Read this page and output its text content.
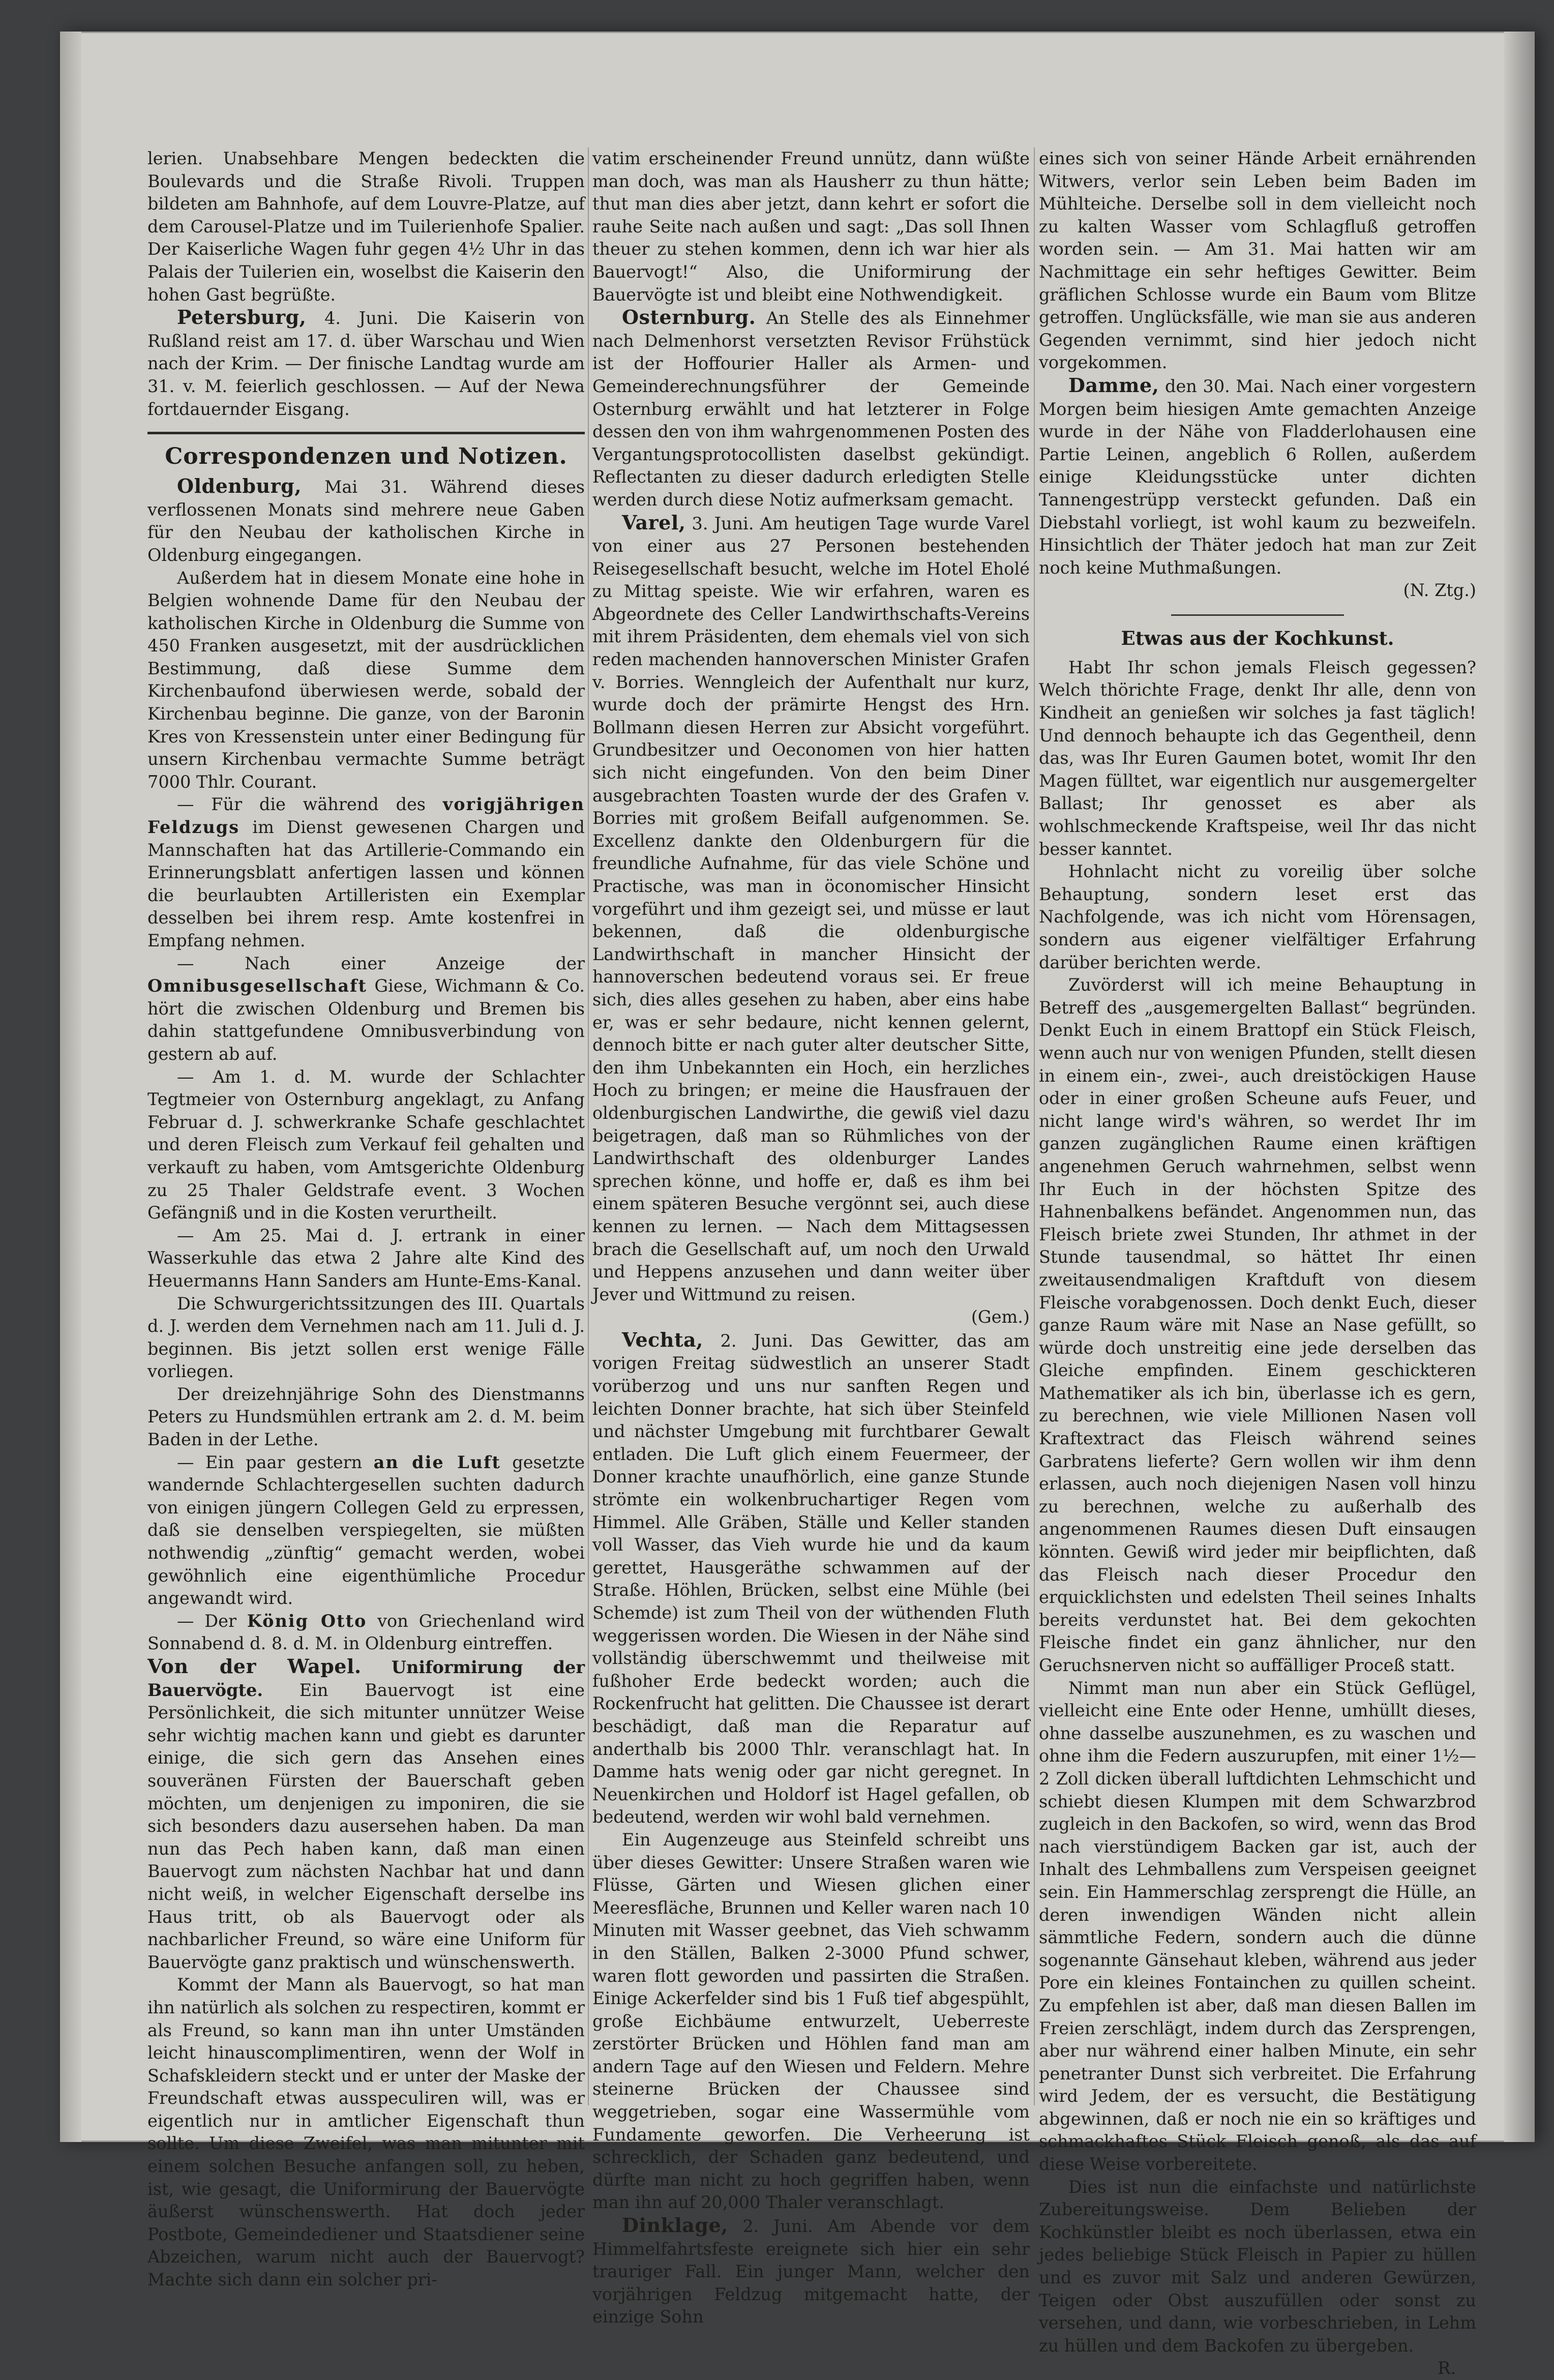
lerien. Unabsehbare Mengen bedeckten die Boulevards und die Straße Rivoli. Truppen bildeten am Bahnhofe, auf dem Louvre-Platze, auf dem Carousel-Platze und im Tuilerienhofe Spalier. Der Kaiserliche Wagen fuhr gegen 4½ Uhr in das Palais der Tuilerien ein, woselbst die Kaiserin den hohen Gast begrüßte.

Petersburg, 4. Juni. Die Kaiserin von Rußland reist am 17. d. über Warschau und Wien nach der Krim. — Der finische Landtag wurde am 31. v. M. feierlich geschlossen. — Auf der Newa fortdauernder Eisgang.

Correspondenzen und Notizen.

Oldenburg, Mai 31. Während dieses verflossenen Monats sind mehrere neue Gaben für den Neubau der katholischen Kirche in Oldenburg eingegangen.

Außerdem hat in diesem Monate eine hohe in Belgien wohnende Dame für den Neubau der katholischen Kirche in Oldenburg die Summe von 450 Franken ausgesetzt, mit der ausdrücklichen Bestimmung, daß diese Summe dem Kirchenbaufond überwiesen werde, sobald der Kirchenbau beginne. Die ganze, von der Baronin Kres von Kressenstein unter einer Bedingung für unsern Kirchenbau vermachte Summe beträgt 7000 Thlr. Courant.

— Für die während des vorigjährigen Feldzugs im Dienst gewesenen Chargen und Mannschaften hat das Artillerie-Commando ein Erinnerungsblatt anfertigen lassen und können die beurlaubten Artilleristen ein Exemplar desselben bei ihrem resp. Amte kostenfrei in Empfang nehmen.

— Nach einer Anzeige der Omnibusgesellschaft Giese, Wichmann & Co. hört die zwischen Oldenburg und Bremen bis dahin stattgefundene Omnibusverbindung von gestern ab auf.

— Am 1. d. M. wurde der Schlachter Tegtmeier von Osternburg angeklagt, zu Anfang Februar d. J. schwerkranke Schafe geschlachtet und deren Fleisch zum Verkauf feil gehalten und verkauft zu haben, vom Amtsgerichte Oldenburg zu 25 Thaler Geldstrafe event. 3 Wochen Gefängniß und in die Kosten verurtheilt.

— Am 25. Mai d. J. ertrank in einer Wasserkuhle das etwa 2 Jahre alte Kind des Heuermanns Hann Sanders am Hunte-Ems-Kanal.

Die Schwurgerichtssitzungen des III. Quartals d. J. werden dem Vernehmen nach am 11. Juli d. J. beginnen. Bis jetzt sollen erst wenige Fälle vorliegen.

Der dreizehnjährige Sohn des Dienstmanns Peters zu Hundsmühlen ertrank am 2. d. M. beim Baden in der Lethe.

— Ein paar gestern an die Luft gesetzte wandernde Schlachtergesellen suchten dadurch von einigen jüngern Collegen Geld zu erpressen, daß sie denselben verspiegelten, sie müßten nothwendig „zünftig“ gemacht werden, wobei gewöhnlich eine eigenthümliche Procedur angewandt wird.

— Der König Otto von Griechenland wird Sonnabend d. 8. d. M. in Oldenburg eintreffen.

Von der Wapel. Uniformirung der Bauervögte. Ein Bauervogt ist eine Persönlichkeit, die sich mitunter unnützer Weise sehr wichtig machen kann und giebt es darunter einige, die sich gern das Ansehen eines souveränen Fürsten der Bauerschaft geben möchten, um denjenigen zu imponiren, die sie sich besonders dazu ausersehen haben. Da man nun das Pech haben kann, daß man einen Bauervogt zum nächsten Nachbar hat und dann nicht weiß, in welcher Eigenschaft derselbe ins Haus tritt, ob als Bauervogt oder als nachbarlicher Freund, so wäre eine Uniform für Bauervögte ganz praktisch und wünschenswerth.

Kommt der Mann als Bauervogt, so hat man ihn natürlich als solchen zu respectiren, kommt er als Freund, so kann man ihn unter Umständen leicht hinauscomplimentiren, wenn der Wolf in Schafskleidern steckt und er unter der Maske der Freundschaft etwas ausspeculiren will, was er eigentlich nur in amtlicher Eigenschaft thun sollte. Um diese Zweifel, was man mitunter mit einem solchen Besuche anfangen soll, zu heben, ist, wie gesagt, die Uniformirung der Bauervögte äußerst wünschenswerth. Hat doch jeder Postbote, Gemeindediener und Staatsdiener seine Abzeichen, warum nicht auch der Bauervogt? Machte sich dann ein solcher pri-

vatim erscheinender Freund unnütz, dann wüßte man doch, was man als Hausherr zu thun hätte; thut man dies aber jetzt, dann kehrt er sofort die rauhe Seite nach außen und sagt: „Das soll Ihnen theuer zu stehen kommen, denn ich war hier als Bauervogt!“ Also, die Uniformirung der Bauervögte ist und bleibt eine Nothwendigkeit.

Osternburg. An Stelle des als Einnehmer nach Delmenhorst versetzten Revisor Frühstück ist der Hoffourier Haller als Armen- und Gemeinderechnungsführer der Gemeinde Osternburg erwählt und hat letzterer in Folge dessen den von ihm wahrgenommenen Posten des Vergantungsprotocollisten daselbst gekündigt. Reflectanten zu dieser dadurch erledigten Stelle werden durch diese Notiz aufmerksam gemacht.

Varel, 3. Juni. Am heutigen Tage wurde Varel von einer aus 27 Personen bestehenden Reisegesellschaft besucht, welche im Hotel Eholé zu Mittag speiste. Wie wir erfahren, waren es Abgeordnete des Celler Landwirthschafts-Vereins mit ihrem Präsidenten, dem ehemals viel von sich reden machenden hannoverschen Minister Grafen v. Borries. Wenngleich der Aufenthalt nur kurz, wurde doch der prämirte Hengst des Hrn. Bollmann diesen Herren zur Absicht vorgeführt. Grundbesitzer und Oeconomen von hier hatten sich nicht eingefunden. Von den beim Diner ausgebrachten Toasten wurde der des Grafen v. Borries mit großem Beifall aufgenommen. Se. Excellenz dankte den Oldenburgern für die freundliche Aufnahme, für das viele Schöne und Practische, was man in öconomischer Hinsicht vorgeführt und ihm gezeigt sei, und müsse er laut bekennen, daß die oldenburgische Landwirthschaft in mancher Hinsicht der hannoverschen bedeutend voraus sei. Er freue sich, dies alles gesehen zu haben, aber eins habe er, was er sehr bedaure, nicht kennen gelernt, dennoch bitte er nach guter alter deutscher Sitte, den ihm Unbekannten ein Hoch, ein herzliches Hoch zu bringen; er meine die Hausfrauen der oldenburgischen Landwirthe, die gewiß viel dazu beigetragen, daß man so Rühmliches von der Landwirthschaft des oldenburger Landes sprechen könne, und hoffe er, daß es ihm bei einem späteren Besuche vergönnt sei, auch diese kennen zu lernen. — Nach dem Mittagsessen brach die Gesellschaft auf, um noch den Urwald und Heppens anzusehen und dann weiter über Jever und Wittmund zu reisen.

(Gem.)

Vechta, 2. Juni. Das Gewitter, das am vorigen Freitag südwestlich an unserer Stadt vorüberzog und uns nur sanften Regen und leichten Donner brachte, hat sich über Steinfeld und nächster Umgebung mit furchtbarer Gewalt entladen. Die Luft glich einem Feuermeer, der Donner krachte unaufhörlich, eine ganze Stunde strömte ein wolkenbruchartiger Regen vom Himmel. Alle Gräben, Ställe und Keller standen voll Wasser, das Vieh wurde hie und da kaum gerettet, Hausgeräthe schwammen auf der Straße. Höhlen, Brücken, selbst eine Mühle (bei Schemde) ist zum Theil von der wüthenden Fluth weggerissen worden. Die Wiesen in der Nähe sind vollständig überschwemmt und theilweise mit fußhoher Erde bedeckt worden; auch die Rockenfrucht hat gelitten. Die Chaussee ist derart beschädigt, daß man die Reparatur auf anderthalb bis 2000 Thlr. veranschlagt hat. In Damme hats wenig oder gar nicht geregnet. In Neuenkirchen und Holdorf ist Hagel gefallen, ob bedeutend, werden wir wohl bald vernehmen.

Ein Augenzeuge aus Steinfeld schreibt uns über dieses Gewitter: Unsere Straßen waren wie Flüsse, Gärten und Wiesen glichen einer Meeresfläche, Brunnen und Keller waren nach 10 Minuten mit Wasser geebnet, das Vieh schwamm in den Ställen, Balken 2-3000 Pfund schwer, waren flott geworden und passirten die Straßen. Einige Ackerfelder sind bis 1 Fuß tief abgespühlt, große Eichbäume entwurzelt, Ueberreste zerstörter Brücken und Höhlen fand man am andern Tage auf den Wiesen und Feldern. Mehre steinerne Brücken der Chaussee sind weggetrieben, sogar eine Wassermühle vom Fundamente geworfen. Die Verheerung ist schrecklich, der Schaden ganz bedeutend, und dürfte man nicht zu hoch gegriffen haben, wenn man ihn auf 20,000 Thaler veranschlagt.

Dinklage, 2. Juni. Am Abende vor dem Himmelfahrtsfeste ereignete sich hier ein sehr trauriger Fall. Ein junger Mann, welcher den vorjährigen Feldzug mitgemacht hatte, der einzige Sohn

eines sich von seiner Hände Arbeit ernährenden Witwers, verlor sein Leben beim Baden im Mühlteiche. Derselbe soll in dem vielleicht noch zu kalten Wasser vom Schlagfluß getroffen worden sein. — Am 31. Mai hatten wir am Nachmittage ein sehr heftiges Gewitter. Beim gräflichen Schlosse wurde ein Baum vom Blitze getroffen. Unglücksfälle, wie man sie aus anderen Gegenden vernimmt, sind hier jedoch nicht vorgekommen.

Damme, den 30. Mai. Nach einer vorgestern Morgen beim hiesigen Amte gemachten Anzeige wurde in der Nähe von Fladderlohausen eine Partie Leinen, angeblich 6 Rollen, außerdem einige Kleidungsstücke unter dichten Tannengestrüpp versteckt gefunden. Daß ein Diebstahl vorliegt, ist wohl kaum zu bezweifeln. Hinsichtlich der Thäter jedoch hat man zur Zeit noch keine Muthmaßungen.

(N. Ztg.)

Etwas aus der Kochkunst.

Habt Ihr schon jemals Fleisch gegessen? Welch thörichte Frage, denkt Ihr alle, denn von Kindheit an genießen wir solches ja fast täglich! Und dennoch behaupte ich das Gegentheil, denn das, was Ihr Euren Gaumen botet, womit Ihr den Magen fülltet, war eigentlich nur ausgemergelter Ballast; Ihr genosset es aber als wohlschmeckende Kraftspeise, weil Ihr das nicht besser kanntet.

Hohnlacht nicht zu voreilig über solche Behauptung, sondern leset erst das Nachfolgende, was ich nicht vom Hörensagen, sondern aus eigener vielfältiger Erfahrung darüber berichten werde.

Zuvörderst will ich meine Behauptung in Betreff des „ausgemergelten Ballast“ begründen. Denkt Euch in einem Brattopf ein Stück Fleisch, wenn auch nur von wenigen Pfunden, stellt diesen in einem ein-, zwei-, auch dreistöckigen Hause oder in einer großen Scheune aufs Feuer, und nicht lange wird's währen, so werdet Ihr im ganzen zugänglichen Raume einen kräftigen angenehmen Geruch wahrnehmen, selbst wenn Ihr Euch in der höchsten Spitze des Hahnenbalkens befändet. Angenommen nun, das Fleisch briete zwei Stunden, Ihr athmet in der Stunde tausendmal, so hättet Ihr einen zweitausendmaligen Kraftduft von diesem Fleische vorabgenossen. Doch denkt Euch, dieser ganze Raum wäre mit Nase an Nase gefüllt, so würde doch unstreitig eine jede derselben das Gleiche empfinden. Einem geschickteren Mathematiker als ich bin, überlasse ich es gern, zu berechnen, wie viele Millionen Nasen voll Kraftextract das Fleisch während seines Garbratens lieferte? Gern wollen wir ihm denn erlassen, auch noch diejenigen Nasen voll hinzu zu berechnen, welche zu außerhalb des angenommenen Raumes diesen Duft einsaugen könnten. Gewiß wird jeder mir beipflichten, daß das Fleisch nach dieser Procedur den erquicklichsten und edelsten Theil seines Inhalts bereits verdunstet hat. Bei dem gekochten Fleische findet ein ganz ähnlicher, nur den Geruchsnerven nicht so auffälliger Proceß statt.

Nimmt man nun aber ein Stück Geflügel, vielleicht eine Ente oder Henne, umhüllt dieses, ohne dasselbe auszunehmen, es zu waschen und ohne ihm die Federn auszurupfen, mit einer 1½—2 Zoll dicken überall luftdichten Lehmschicht und schiebt diesen Klumpen mit dem Schwarzbrod zugleich in den Backofen, so wird, wenn das Brod nach vierstündigem Backen gar ist, auch der Inhalt des Lehmballens zum Verspeisen geeignet sein. Ein Hammerschlag zersprengt die Hülle, an deren inwendigen Wänden nicht allein sämmtliche Federn, sondern auch die dünne sogenannte Gänsehaut kleben, während aus jeder Pore ein kleines Fontainchen zu quillen scheint. Zu empfehlen ist aber, daß man diesen Ballen im Freien zerschlägt, indem durch das Zersprengen, aber nur während einer halben Minute, ein sehr penetranter Dunst sich verbreitet. Die Erfahrung wird Jedem, der es versucht, die Bestätigung abgewinnen, daß er noch nie ein so kräftiges und schmackhaftes Stück Fleisch genoß, als das auf diese Weise vorbereitete.

Dies ist nun die einfachste und natürlichste Zubereitungsweise. Dem Belieben der Kochkünstler bleibt es noch überlassen, etwa ein jedes beliebige Stück Fleisch in Papier zu hüllen und es zuvor mit Salz und anderen Gewürzen, Teigen oder Obst auszufüllen oder sonst zu versehen, und dann, wie vorbeschrieben, in Lehm zu hüllen und dem Backofen zu übergeben.

R.
